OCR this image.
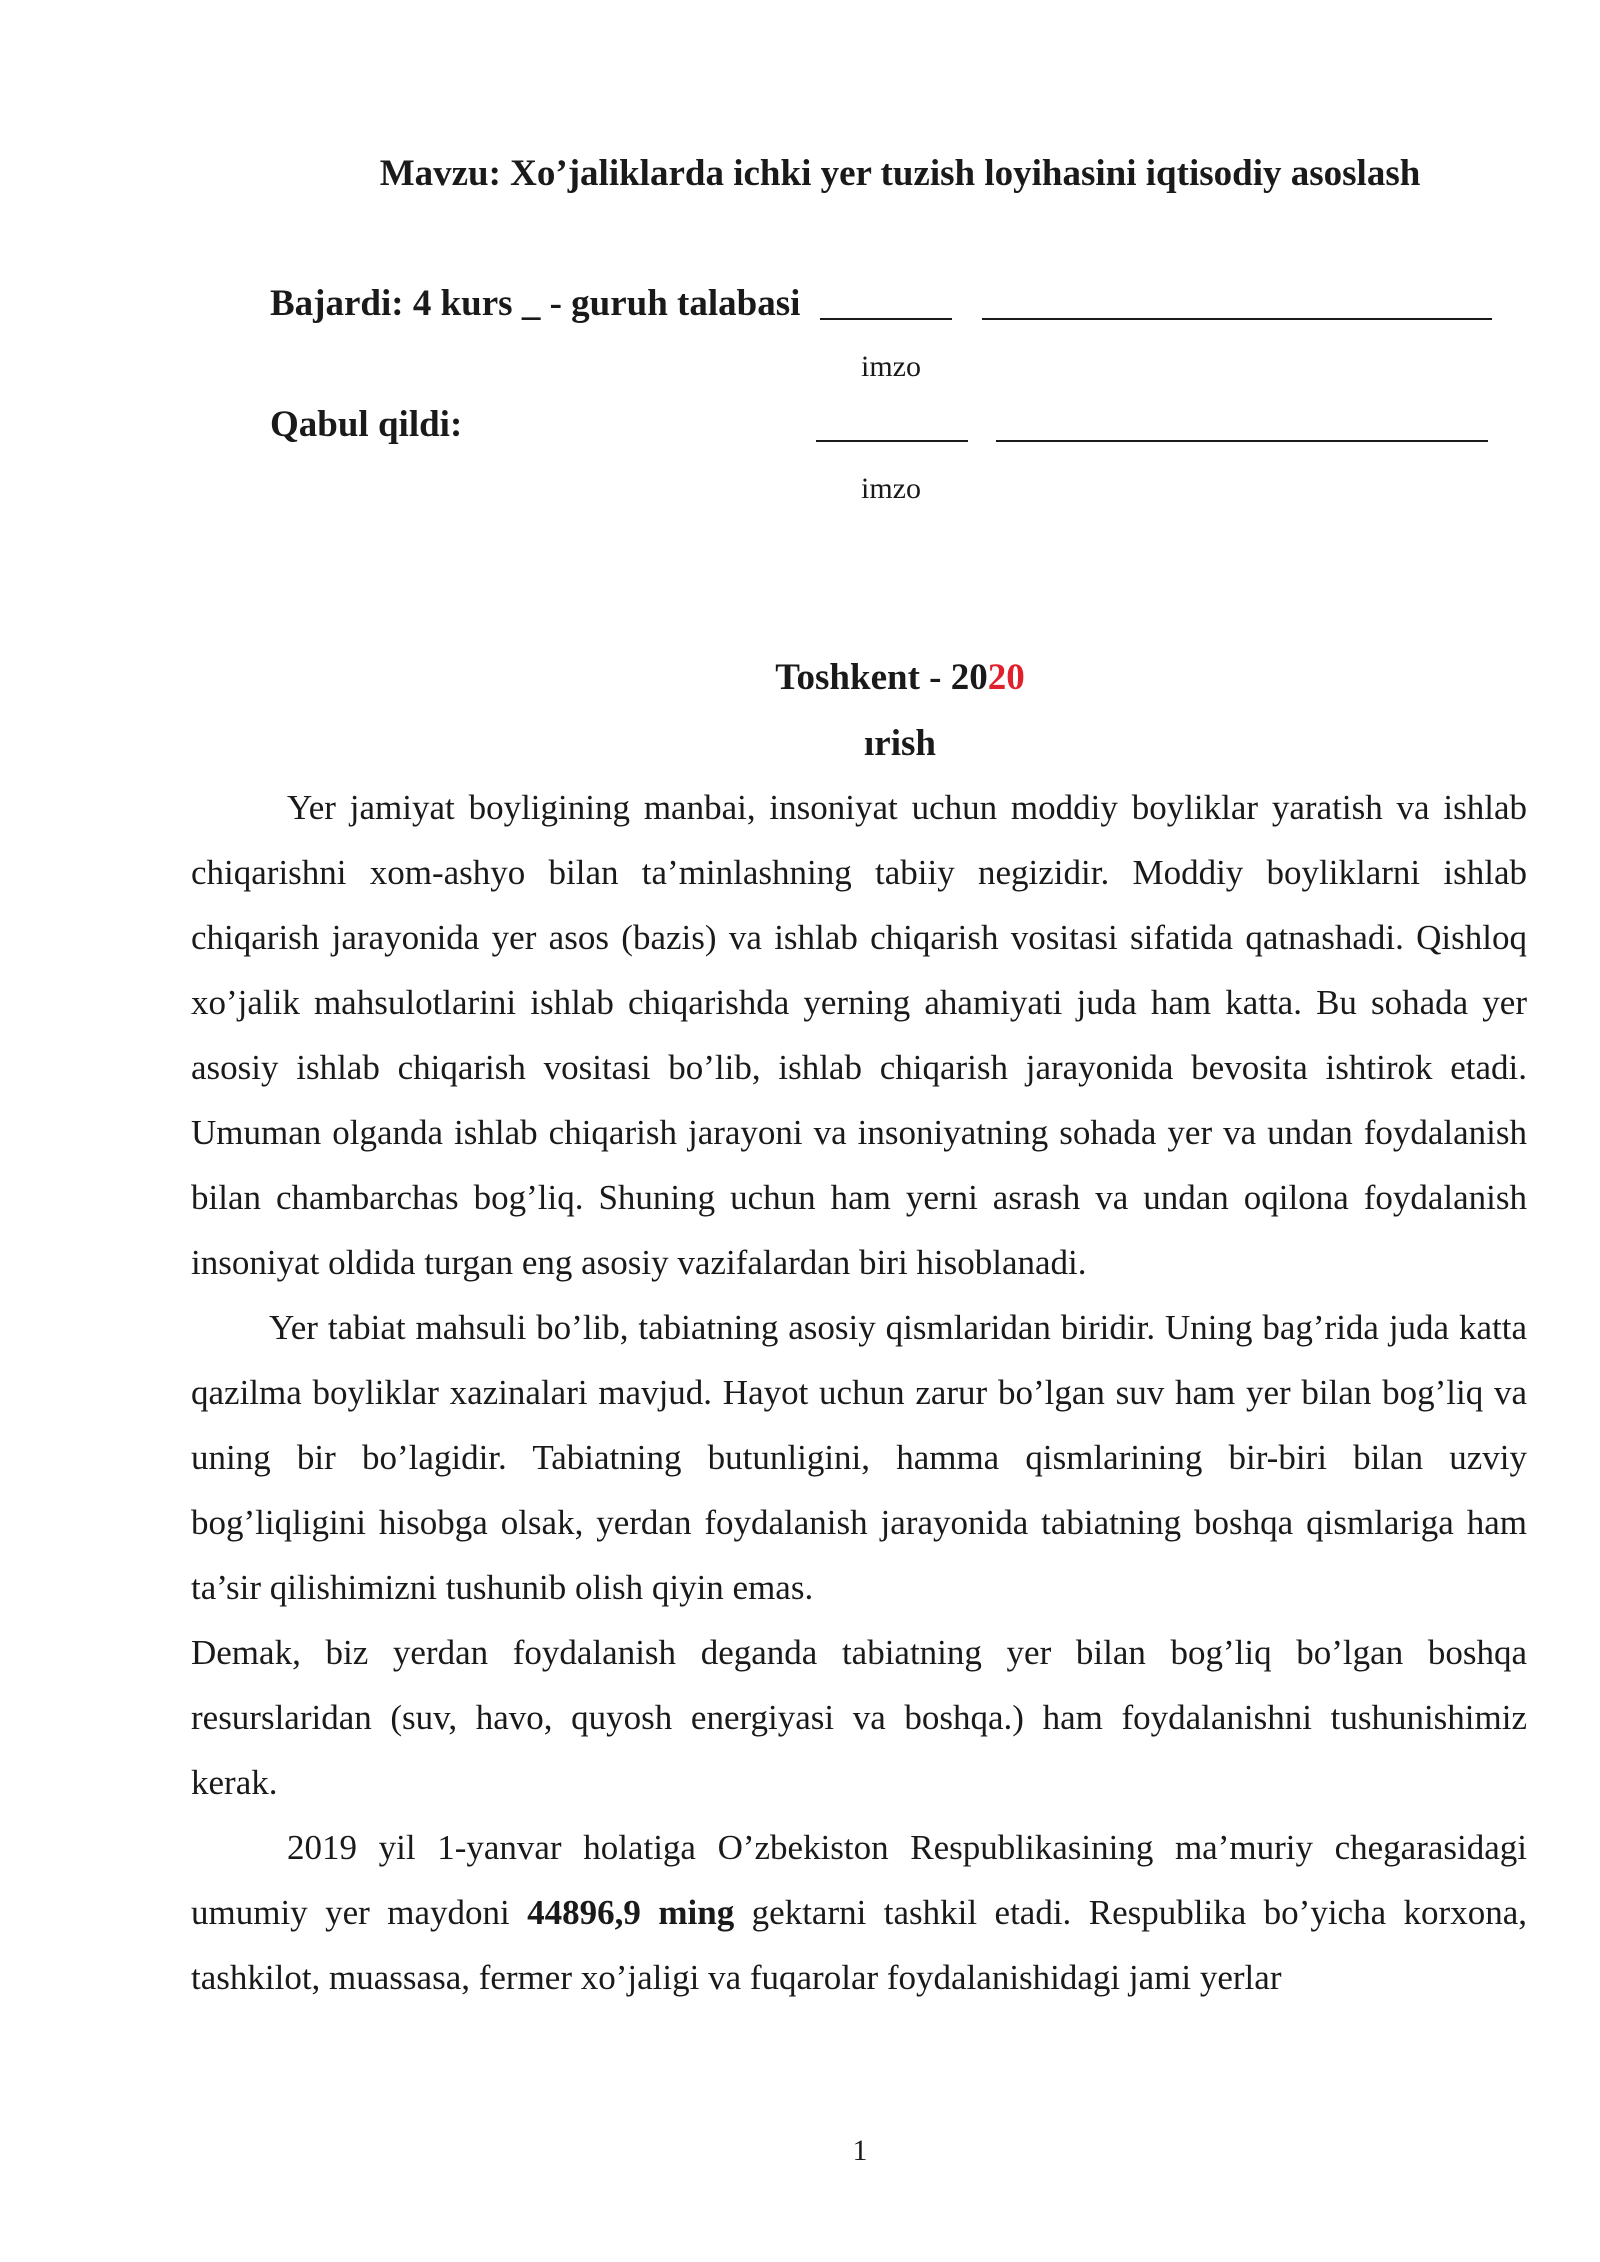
Mavzu: Xo’jaliklarda ichki yer tuzish loyihasini iqtisodiy asoslash
Bajardi: 4 kurs _ - guruh talabasi
imzo
Qabul qildi:
imzo
Toshkent - 2020
ırish

Yer jamiyat boyligining manbai, insoniyat uchun moddiy boyliklar yaratish va ishlab chiqarishni xom-ashyo bilan ta’minlashning tabiiy negizidir. Moddiy boyliklarni ishlab chiqarish jarayonida yer asos (bazis) va ishlab chiqarish vositasi sifatida qatnashadi. Qishloq xo’jalik mahsulotlarini ishlab chiqarishda yerning ahamiyati juda ham katta. Bu sohada yer asosiy ishlab chiqarish vositasi bo’lib, ishlab chiqarish jarayonida bevosita ishtirok etadi. Umuman olganda ishlab chiqarish jarayoni va insoniyatning sohada yer va undan foydalanish bilan chambarchas bog’liq. Shuning uchun ham yerni asrash va undan oqilona foydalanish insoniyat oldida turgan eng asosiy vazifalardan biri hisoblanadi.

Yer tabiat mahsuli bo’lib, tabiatning asosiy qismlaridan biridir. Uning bag’rida juda katta qazilma boyliklar xazinalari mavjud. Hayot uchun zarur bo’lgan suv ham yer bilan bog’liq va uning bir bo’lagidir. Tabiatning butunligini, hamma qismlarining bir-biri bilan uzviy bog’liqligini hisobga olsak, yerdan foydalanish jarayonida tabiatning boshqa qismlariga ham ta’sir qilishimizni tushunib olish qiyin emas.

Demak, biz yerdan foydalanish deganda tabiatning yer bilan bog’liq bo’lgan boshqa resurslaridan (suv, havo, quyosh energiyasi va boshqa.) ham foydalanishni tushunishimiz kerak.

2019 yil 1-yanvar holatiga O’zbekiston Respublikasining ma’muriy chegarasidagi umumiy yer maydoni 44896,9 ming gektarni tashkil etadi. Respublika bo’yicha korxona, tashkilot, muassasa, fermer xo’jaligi va fuqarolar foydalanishidagi jami yerlar

1
